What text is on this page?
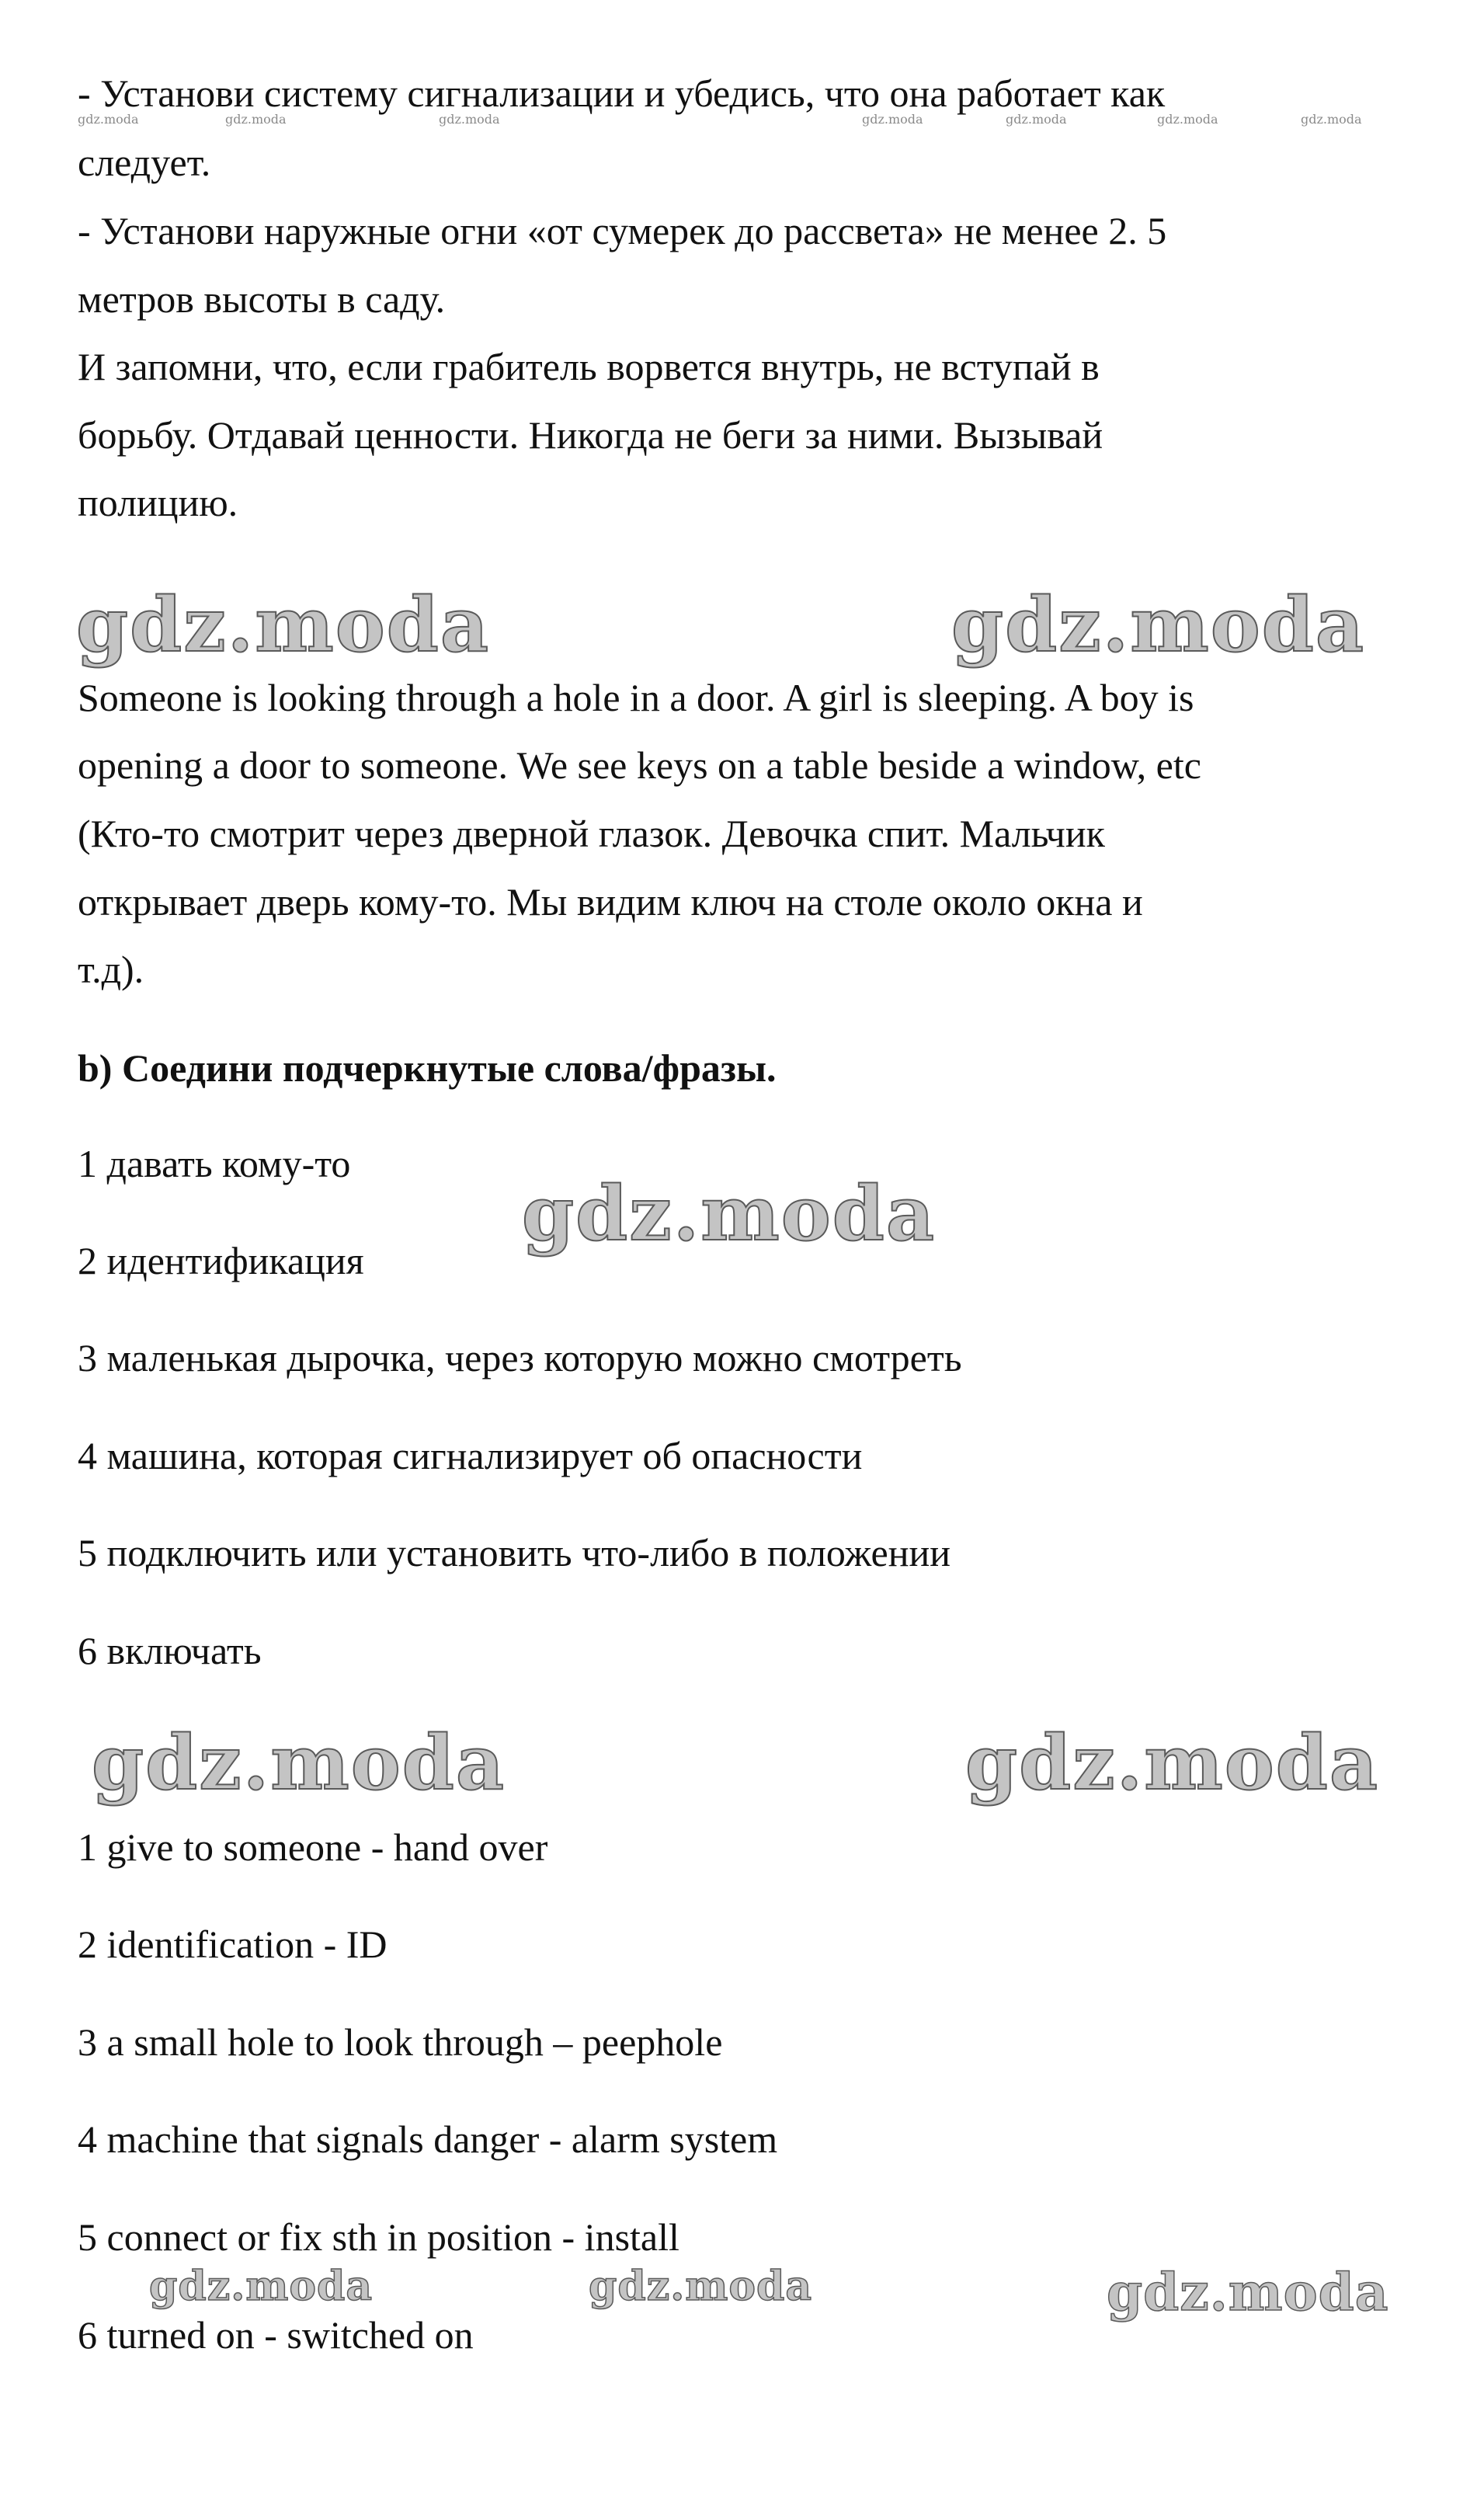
- Установи систему сигнализации и убедись, что она работает как
следует.
- Установи наружные огни «от сумерек до рассвета» не менее 2. 5
метров высоты в саду.
И запомни, что, если грабитель ворвется внутрь, не вступай в
борьбу. Отдавай ценности. Никогда не беги за ними. Вызывай
полицию.
gdz.moda	gdz.moda	gdz.moda	gdz.moda	gdz.moda	gdz.moda	gdz.moda
gdz.moda	gdz.moda
Someone is looking through a hole in a door. A girl is sleeping. A boy is
opening a door to someone. We see keys on a table beside a window, etc
(Кто-то смотрит через дверной глазок. Девочка спит. Мальчик
открывает дверь кому-то. Мы видим ключ на столе около окна и
т.д).
b) Соедини подчеркнутые слова/фразы.
1 давать кому-то
gdz.moda
2 идентификация
3 маленькая дырочка, через которую можно смотреть
4 машина, которая сигнализирует об опасности
5 подключить или установить что-либо в положении
6 включать
gdz.moda	gdz.moda
1 give to someone - hand over
2 identification - ID
3 a small hole to look through – peephole
4 machine that signals danger - alarm system
5 connect or fix sth in position - install
gdz.moda	gdz.moda	gdz.moda
6 turned on - switched on
